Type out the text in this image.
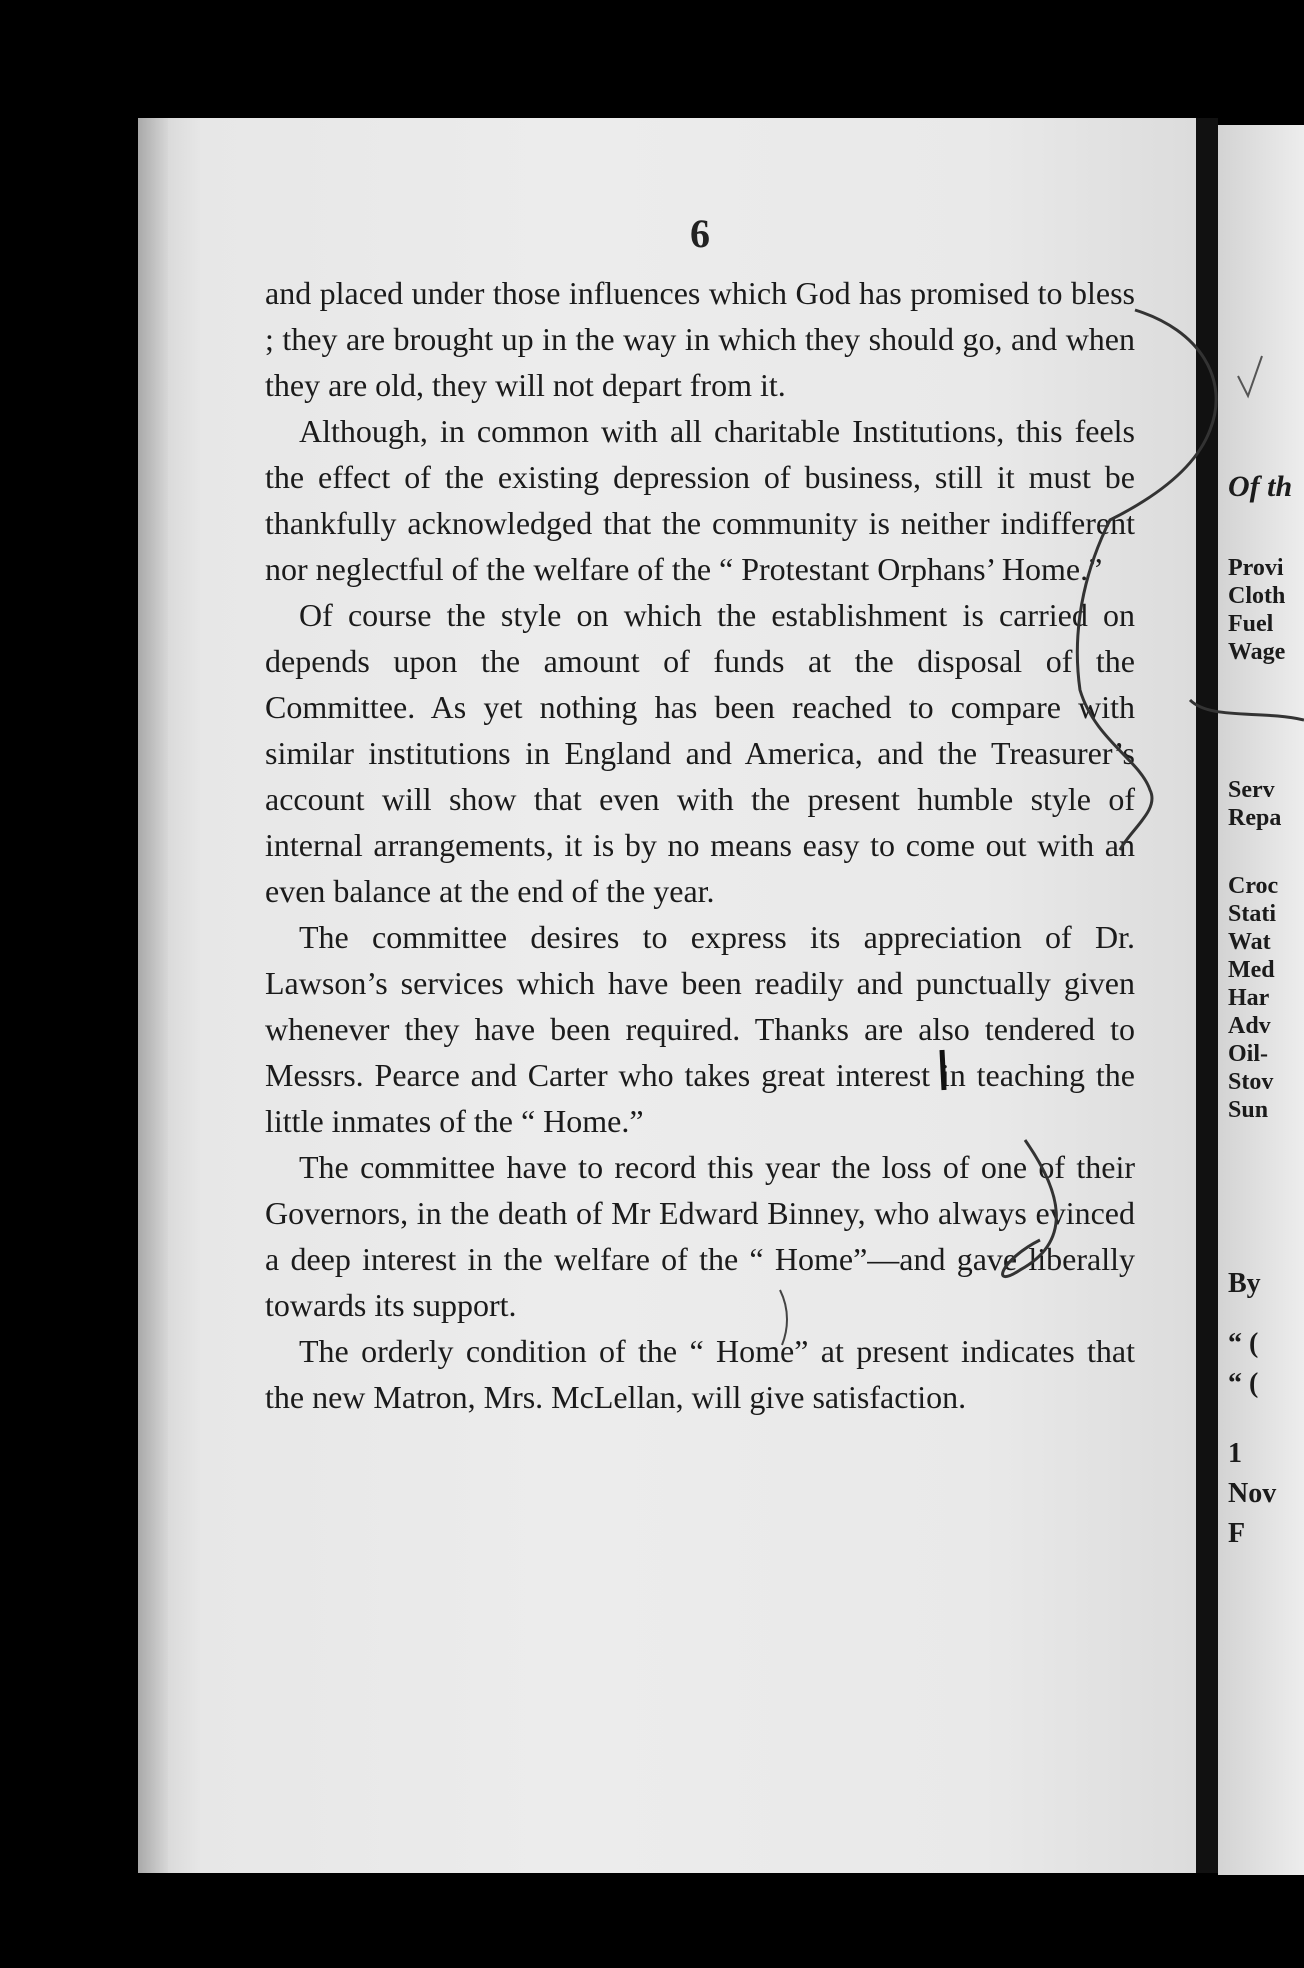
6

and placed under those influences which God has promised to bless ; they are brought up in the way in which they should go, and when they are old, they will not depart from it.

Although, in common with all charitable Institutions, this feels the effect of the existing depression of business, still it must be thankfully acknowledged that the community is neither indifferent nor neglectful of the welfare of the “ Protestant Orphans’ Home.”

Of course the style on which the establishment is carried on depends upon the amount of funds at the disposal of the Committee. As yet nothing has been reached to compare with similar institutions in England and America, and the Treasurer’s account will show that even with the present humble style of internal arrangements, it is by no means easy to come out with an even balance at the end of the year.

The committee desires to express its appreciation of Dr. Lawson’s services which have been readily and punctually given whenever they have been required. Thanks are also tendered to Messrs. Pearce and Carter who takes great interest in teaching the little inmates of the “ Home.”

The committee have to record this year the loss of one of their Governors, in the death of Mr Edward Binney, who always evinced a deep interest in the welfare of the “ Home”—and gave liberally towards its support.

The orderly condition of the “ Home” at present indicates that the new Matron, Mrs. McLellan, will give satisfaction.

Of th
Provi
Cloth
Fuel
Wage
Serv
Repa
Croc
Stati
Wat
Med
Har
Adv
Oil-
Stov
Sun
By
“ (
“ (
1
Nov
F
